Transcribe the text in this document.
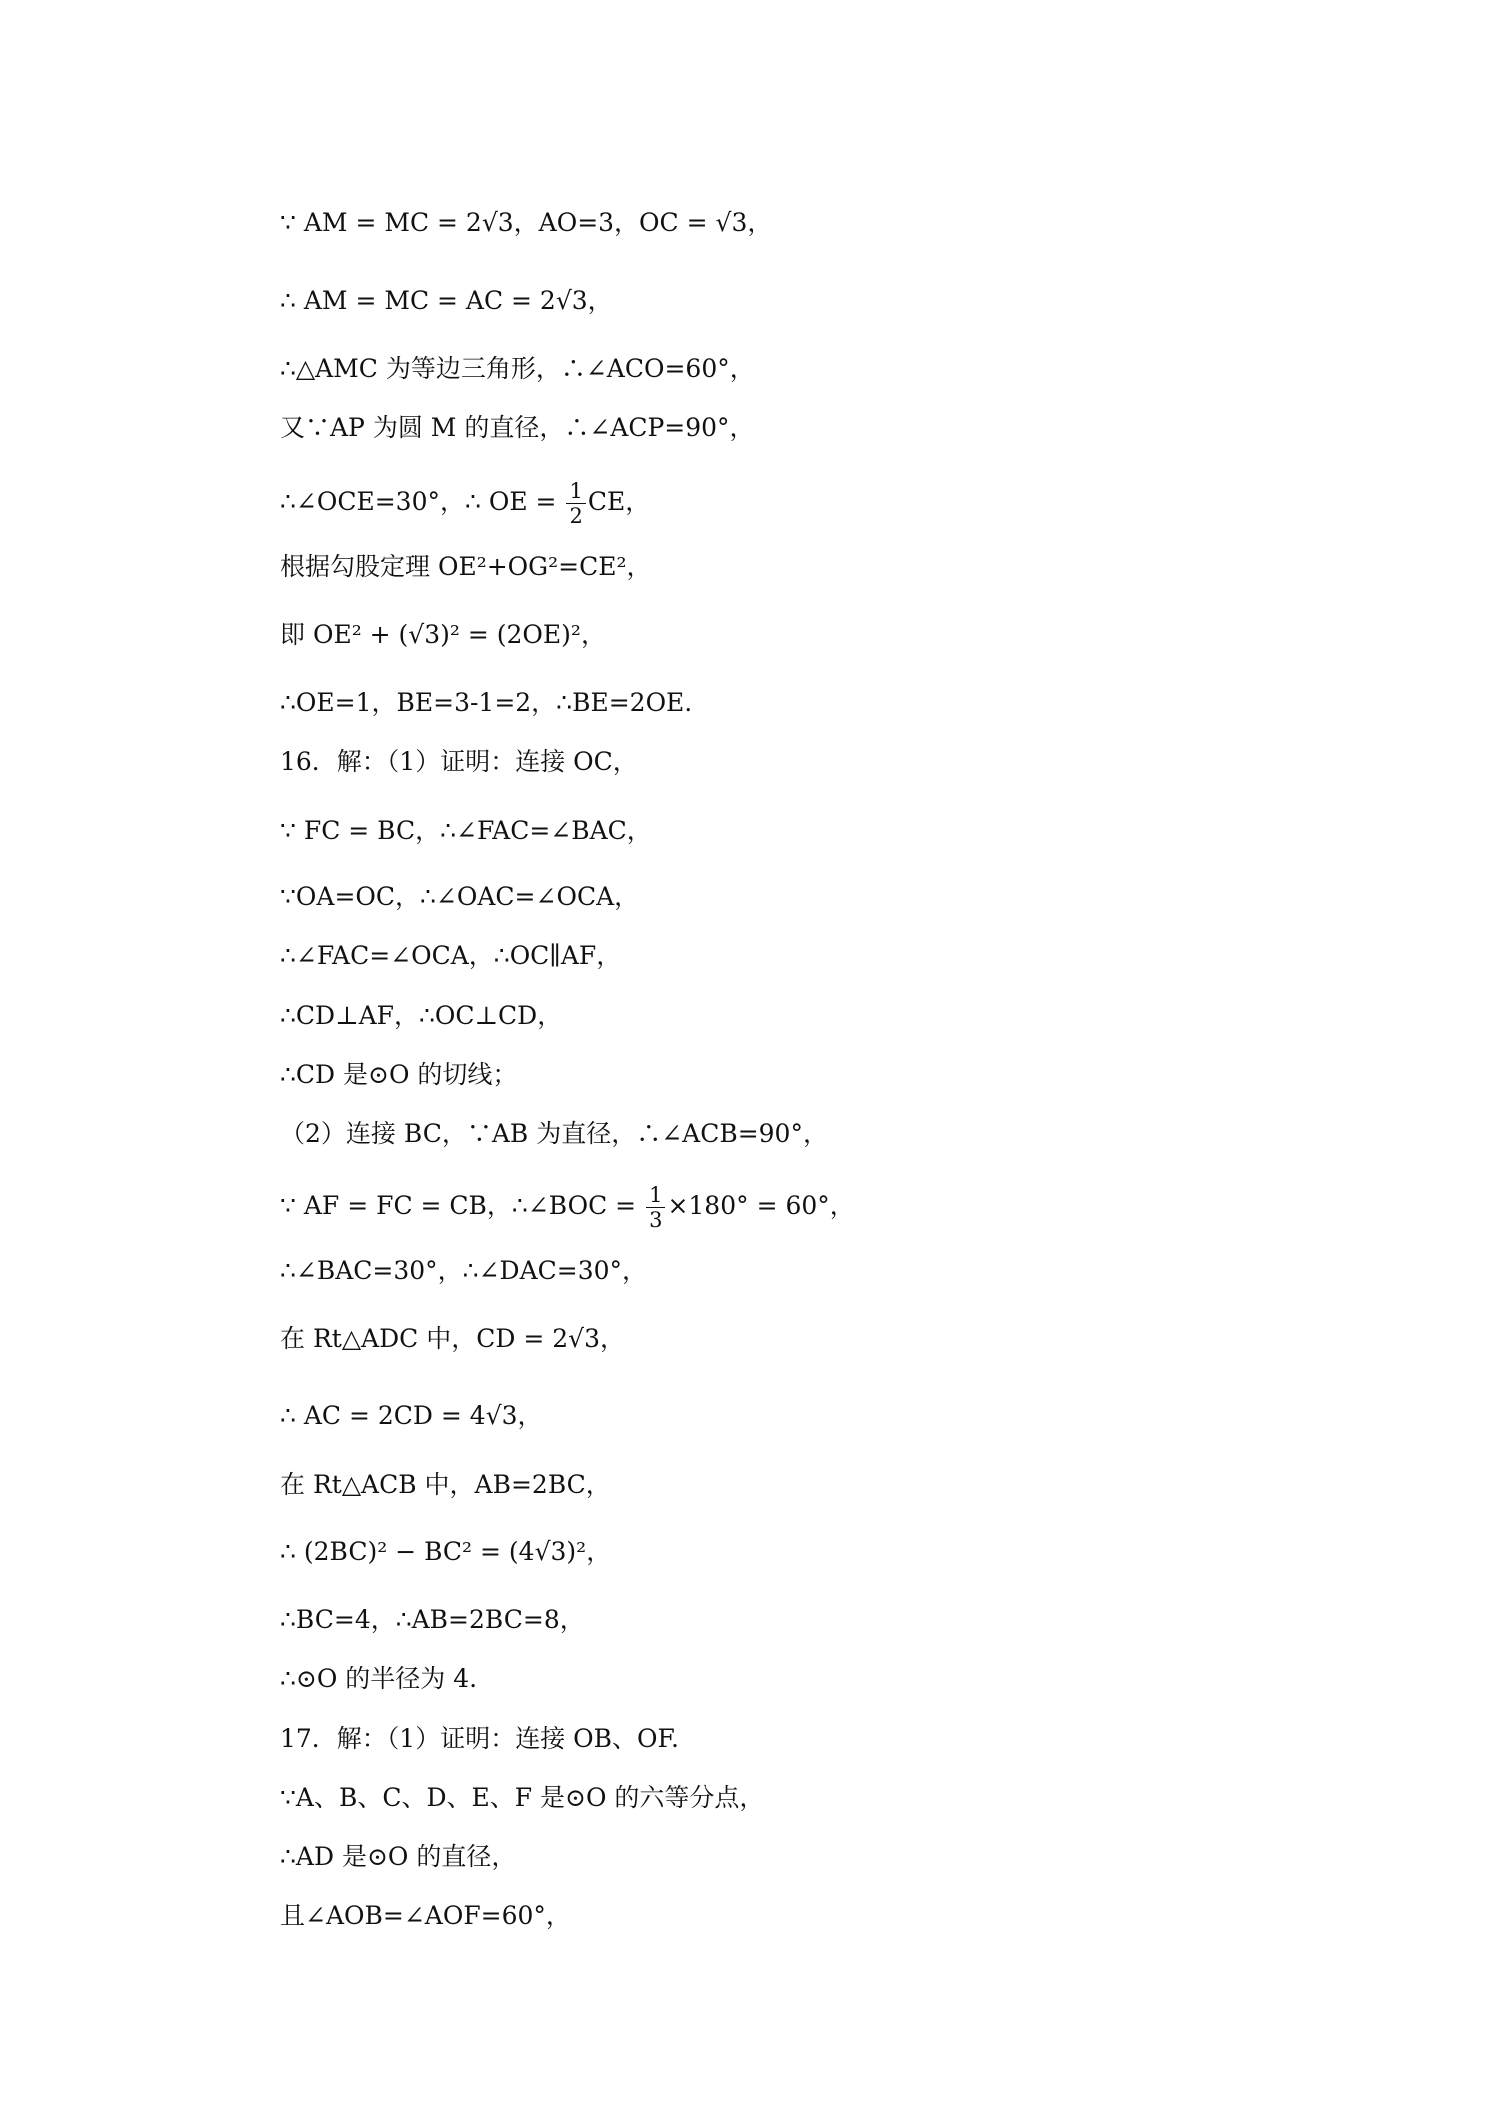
∵ AM = MC = 2√3，AO=3，OC = √3，
∴ AM = MC = AC = 2√3，
∴△AMC 为等边三角形，∴∠ACO=60°，
又∵AP 为圆 M 的直径，∴∠ACP=90°，
∴∠OCE=30°，∴ OE = $\frac{1}{2}$ CE，
根据勾股定理 OE²+OG²=CE²，
即 OE² + (√3)² = (2OE)²，
∴OE=1，BE=3-1=2，∴BE=2OE.
16．解：（1）证明：连接 OC，
∵ FC = BC，∴∠FAC=∠BAC，
∵OA=OC，∴∠OAC=∠OCA，
∴∠FAC=∠OCA，∴OC∥AF，
∴CD⊥AF，∴OC⊥CD，
∴CD 是⊙O 的切线；
（2）连接 BC，∵AB 为直径，∴∠ACB=90°，
∵ AF = FC = CB，∴∠BOC = $\frac{1}{3} \times 180^\circ = 60^\circ$，
∴∠BAC=30°，∴∠DAC=30°，
在 Rt△ADC 中，CD = 2√3，
∴ AC = 2CD = 4√3，
在 Rt△ACB 中，AB=2BC，
∴ (2BC)² − BC² = (4√3)²，
∴BC=4，∴AB=2BC=8，
∴⊙O 的半径为 4.
17．解：（1）证明：连接 OB、OF.
∵A、B、C、D、E、F 是⊙O 的六等分点，
∴AD 是⊙O 的直径，
且∠AOB=∠AOF=60°，
